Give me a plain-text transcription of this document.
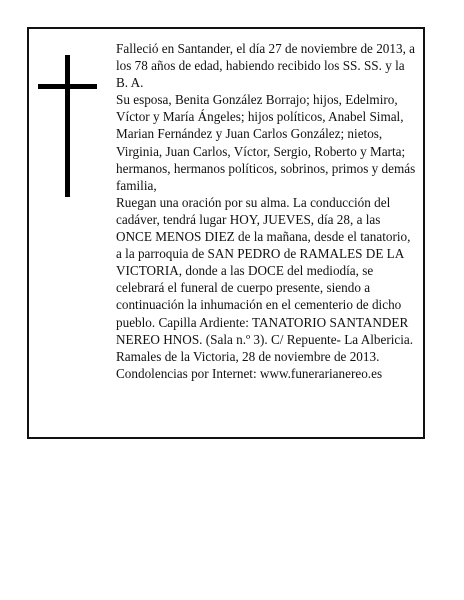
Falleció en Santander, el día 27 de noviembre de 2013, a los 78 años de edad, habiendo recibido los SS. SS. y la B. A.

Su esposa, Benita González Borrajo; hijos, Edelmiro, Víctor y María Ángeles; hijos políticos, Anabel Simal, Marian Fernández y Juan Carlos González; nietos, Virginia, Juan Carlos, Víctor, Sergio, Roberto y Marta; hermanos, hermanos políticos, sobrinos, primos y demás familia,

Ruegan una oración por su alma. La conducción del cadáver, tendrá lugar HOY, JUEVES, día 28, a las ONCE MENOS DIEZ de la mañana, desde el tanatorio, a la parroquia de SAN PEDRO de RAMALES DE LA VICTORIA, donde a las DOCE del mediodía, se celebrará el funeral de cuerpo presente, siendo a continuación la inhumación en el cementerio de dicho pueblo. Capilla Ardiente: TANATORIO SANTANDER NEREO HNOS. (Sala n.º 3). C/ Repuente- La Albericia.

Ramales de la Victoria, 28 de noviembre de 2013.

Condolencias por Internet: www.funerarianereo.es
